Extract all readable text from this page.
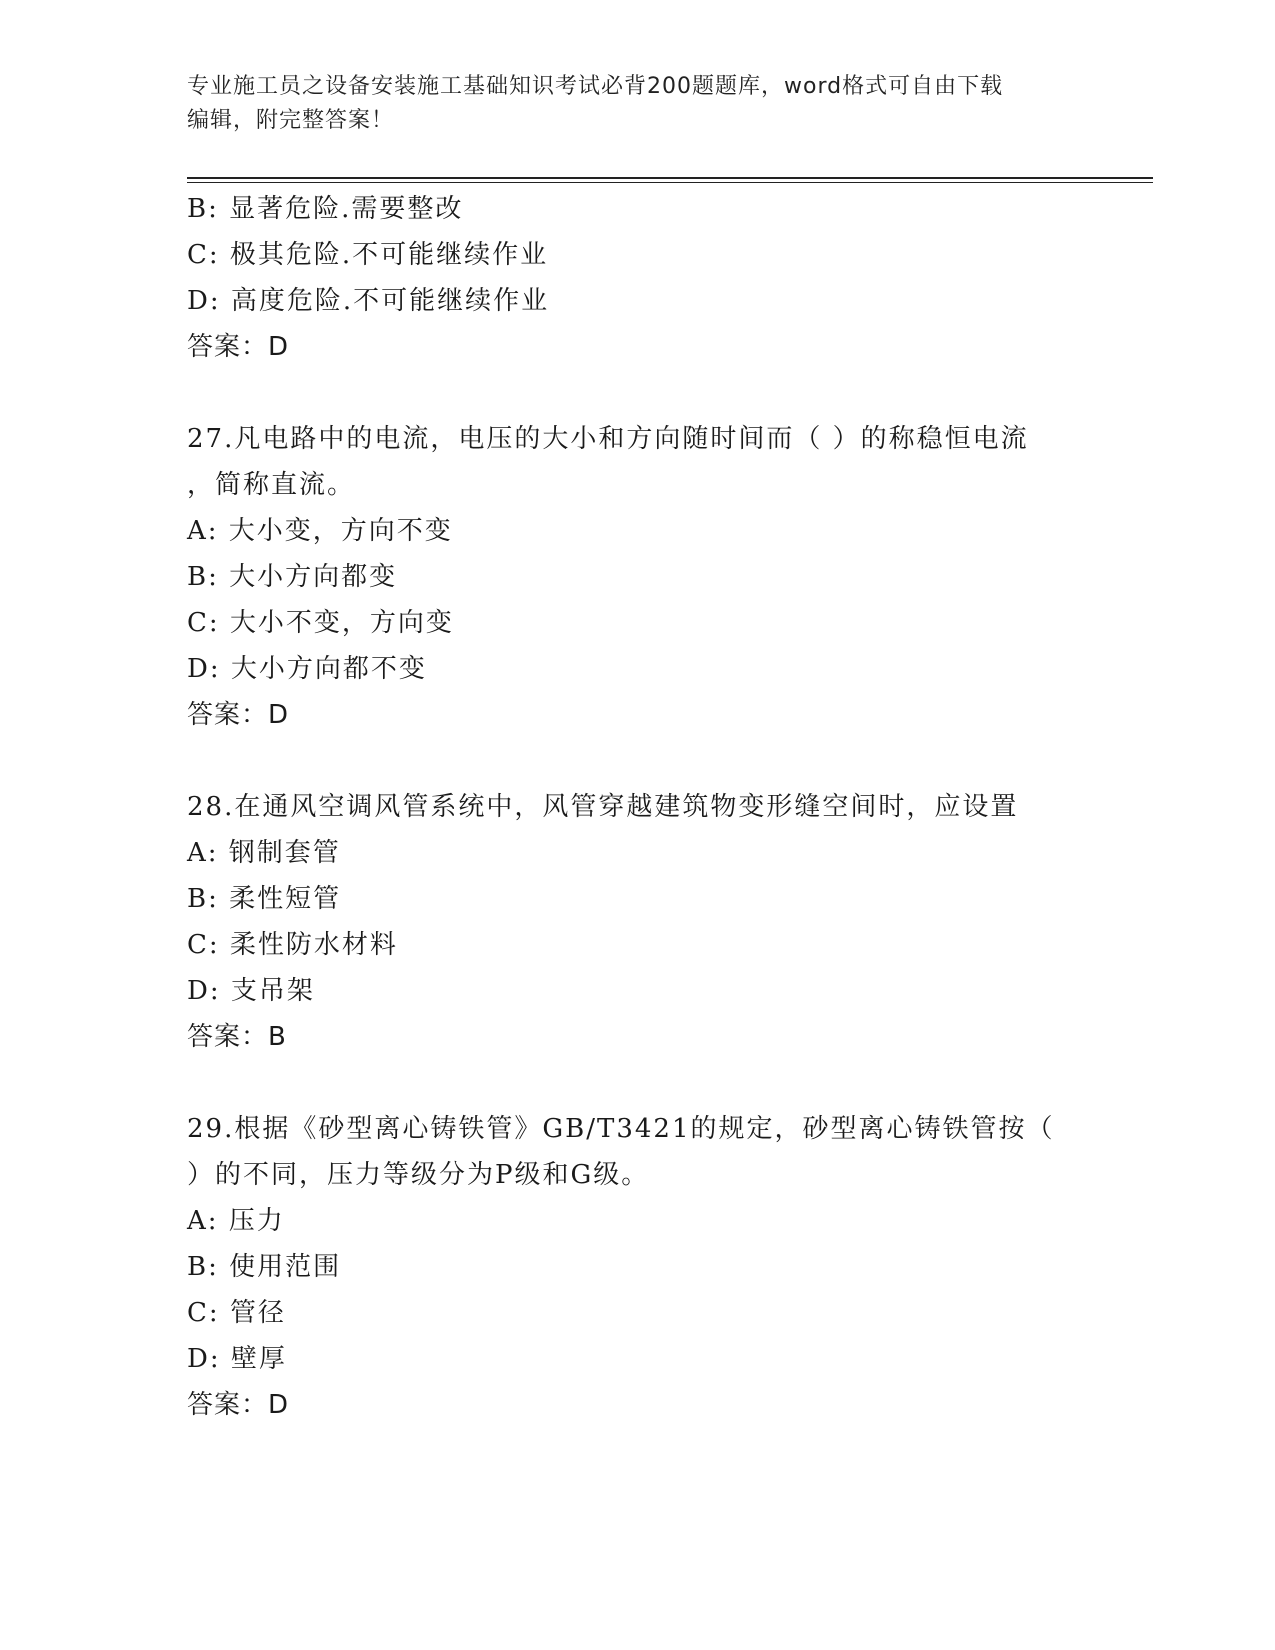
专业施工员之设备安装施工基础知识考试必背200题题库，word格式可自由下载
编辑，附完整答案！
B: 显著危险.需要整改
C: 极其危险.不可能继续作业
D: 高度危险.不可能继续作业
答案：D
27.凡电路中的电流，电压的大小和方向随时间而（ ）的称稳恒电流
，简称直流。
A: 大小变，方向不变
B: 大小方向都变
C: 大小不变，方向变
D: 大小方向都不变
答案：D
28.在通风空调风管系统中，风管穿越建筑物变形缝空间时，应设置
A: 钢制套管
B: 柔性短管
C: 柔性防水材料
D: 支吊架
答案：B
29.根据《砂型离心铸铁管》GB/T3421的规定，砂型离心铸铁管按（
）的不同，压力等级分为P级和G级。
A: 压力
B: 使用范围
C: 管径
D: 壁厚
答案：D
